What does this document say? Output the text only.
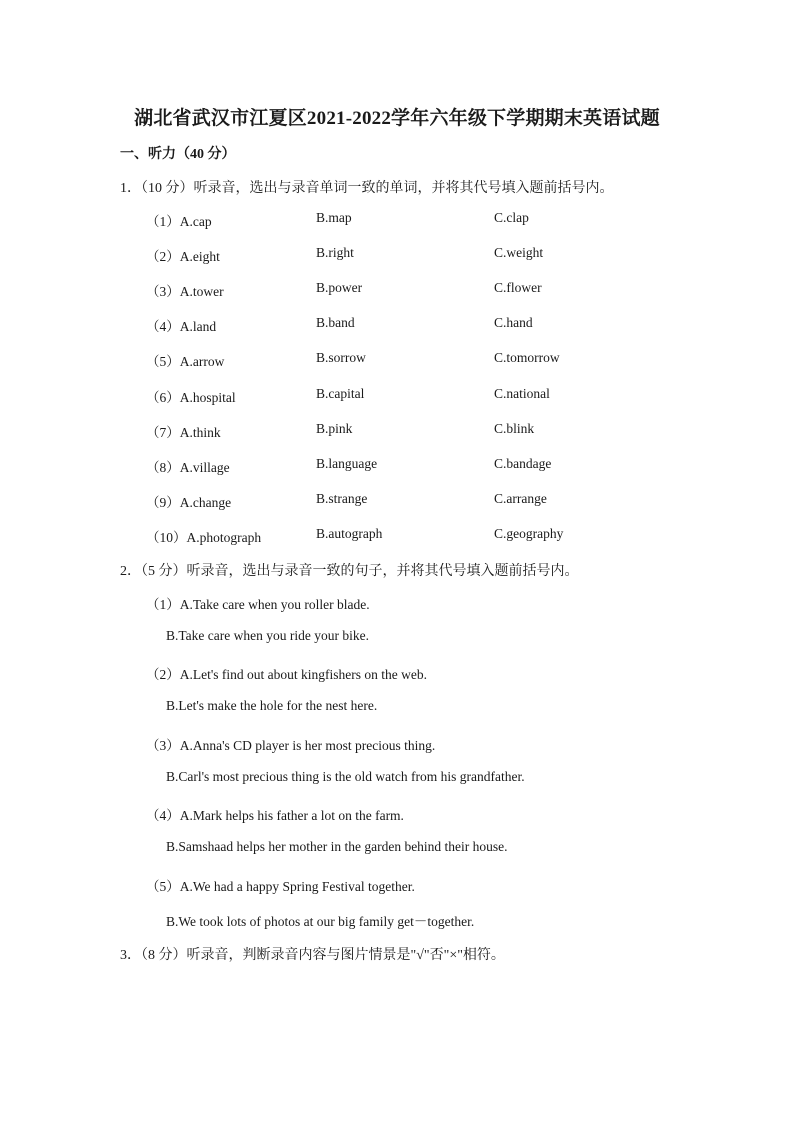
湖北省武汉市江夏区2021-2022学年六年级下学期期末英语试题
一、听力（40 分）
1．（10 分）听录音，选出与录音单词一致的单词，并将其代号填入题前括号内。
（1）A.cap	B.map	C.clap
（2）A.eight	B.right	C.weight
（3）A.tower	B.power	C.flower
（4）A.land	B.band	C.hand
（5）A.arrow	B.sorrow	C.tomorrow
（6）A.hospital	B.capital	C.national
（7）A.think	B.pink	C.blink
（8）A.village	B.language	C.bandage
（9）A.change	B.strange	C.arrange
（10）A.photograph	B.autograph	C.geography
2．（5 分）听录音，选出与录音一致的句子，并将其代号填入题前括号内。
（1）A.Take care when you roller blade.
B.Take care when you ride your bike.
（2）A.Let's find out about kingfishers on the web.
B.Let's make the hole for the nest here.
（3）A.Anna's CD player is her most precious thing.
B.Carl's most precious thing is the old watch from his grandfather.
（4）A.Mark helps his father a lot on the farm.
B.Samshaad helps her mother in the garden behind their house.
（5）A.We had a happy Spring Festival together.
B.We took lots of photos at our big family get－together.
3．（8 分）听录音，判断录音内容与图片情景是"√"否"×"相符。
